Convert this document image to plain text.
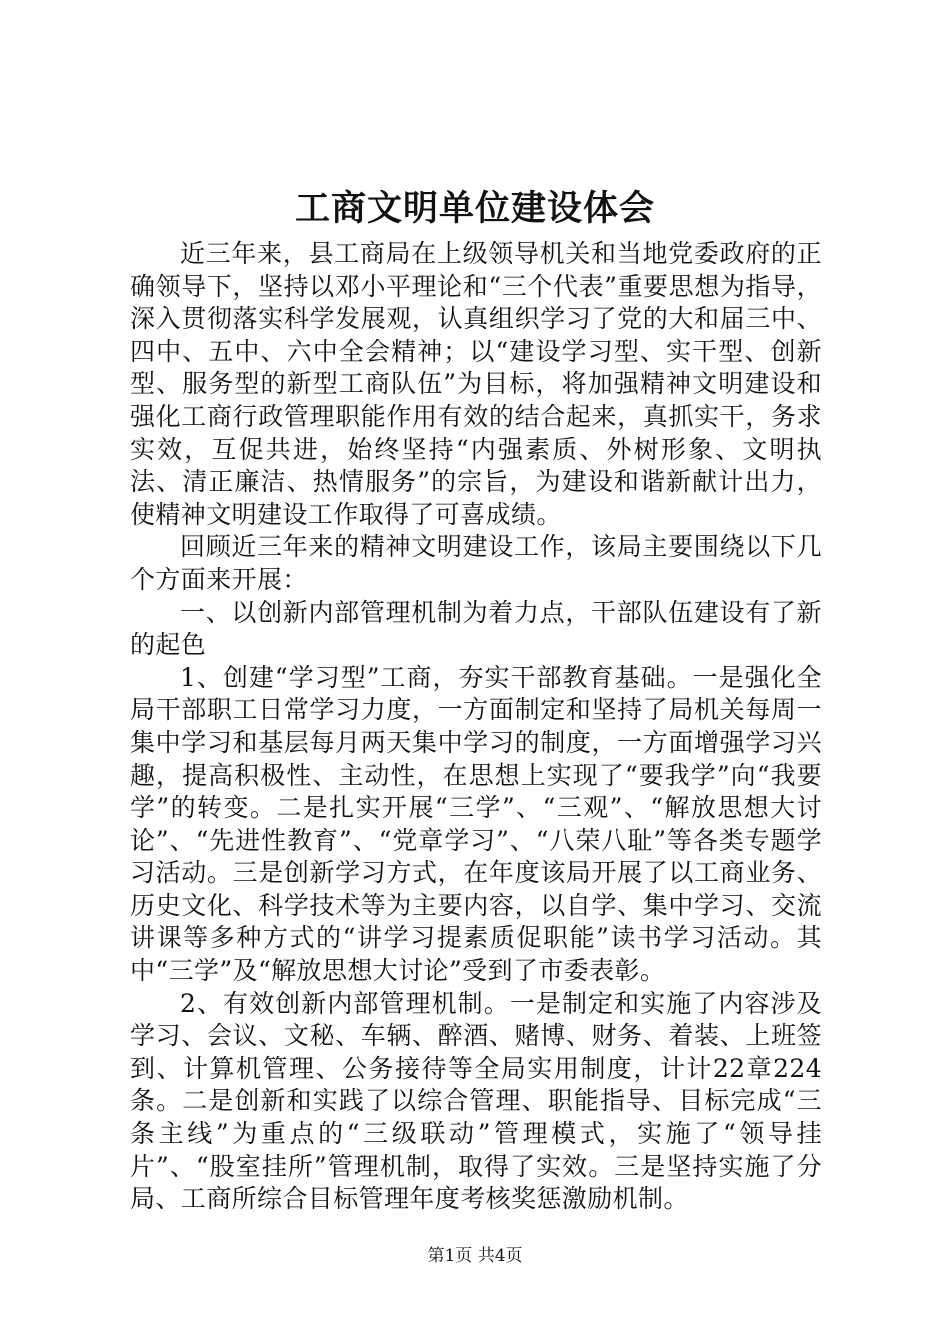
工商文明单位建设体会

近三年来，县工商局在上级领导机关和当地党委政府的正确领导下，坚持以邓小平理论和“三个代表”重要思想为指导，深入贯彻落实科学发展观，认真组织学习了党的大和届三中、四中、五中、六中全会精神；以“建设学习型、实干型、创新型、服务型的新型工商队伍”为目标，将加强精神文明建设和强化工商行政管理职能作用有效的结合起来，真抓实干，务求实效，互促共进，始终坚持“内强素质、外树形象、文明执法、清正廉洁、热情服务”的宗旨，为建设和谐新献计出力，使精神文明建设工作取得了可喜成绩。

回顾近三年来的精神文明建设工作，该局主要围绕以下几个方面来开展：

一、以创新内部管理机制为着力点，干部队伍建设有了新的起色

1、创建“学习型”工商，夯实干部教育基础。一是强化全局干部职工日常学习力度，一方面制定和坚持了局机关每周一集中学习和基层每月两天集中学习的制度，一方面增强学习兴趣，提高积极性、主动性，在思想上实现了“要我学”向“我要学”的转变。二是扎实开展“三学”、“三观”、“解放思想大讨论”、“先进性教育”、“党章学习”、“八荣八耻”等各类专题学习活动。三是创新学习方式，在年度该局开展了以工商业务、历史文化、科学技术等为主要内容，以自学、集中学习、交流讲课等多种方式的“讲学习提素质促职能”读书学习活动。其中“三学”及“解放思想大讨论”受到了市委表彰。

2、有效创新内部管理机制。一是制定和实施了内容涉及学习、会议、文秘、车辆、醉酒、赌博、财务、着装、上班签到、计算机管理、公务接待等全局实用制度，计计22章224条。二是创新和实践了以综合管理、职能指导、目标完成“三条主线”为重点的“三级联动”管理模式，实施了“领导挂片”、“股室挂所”管理机制，取得了实效。三是坚持实施了分局、工商所综合目标管理年度考核奖惩激励机制。

第1页 共4页
